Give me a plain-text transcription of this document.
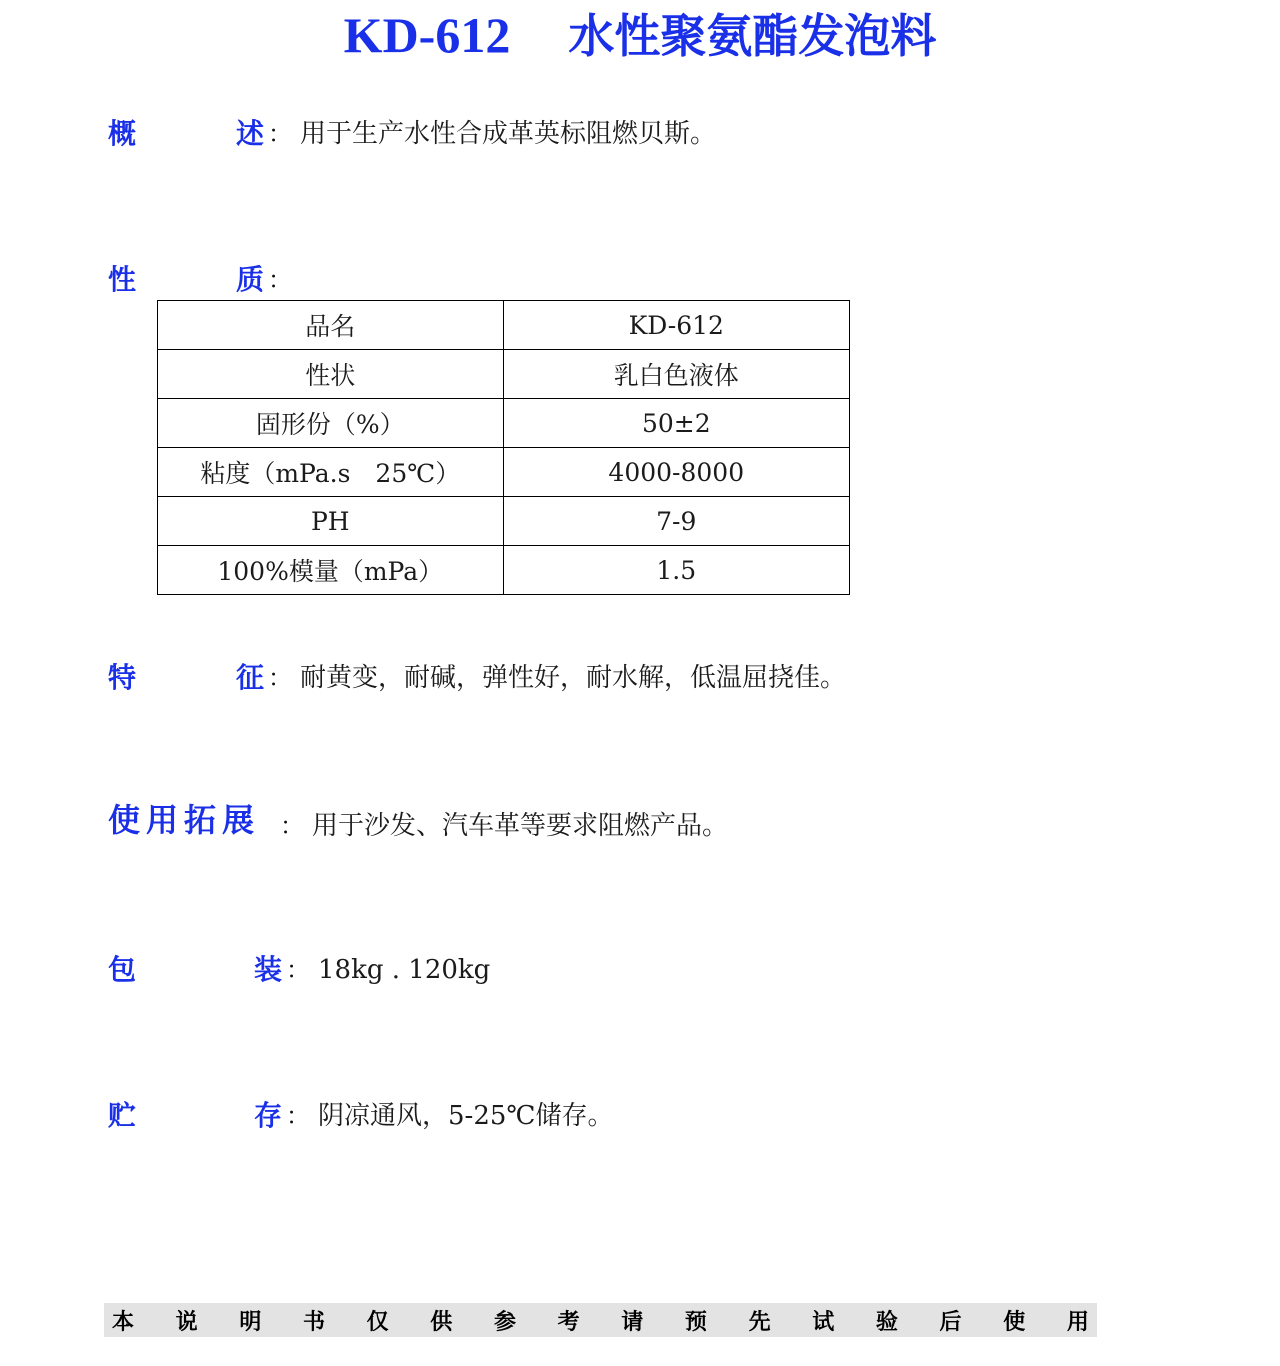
KD-612 水性聚氨酯发泡料
概	述 ： 用于生产水性合成革英标阻燃贝斯。
性	质 ：
品名	KD-612
性状	乳白色液体
固形份（%）	50±2
粘度（mPa.s　25℃）	4000-8000
PH	7-9
100%模量（mPa）	1.5
特	征 ： 耐黄变，耐碱，弹性好，耐水解，低温屈挠佳。
使用拓展 ： 用于沙发、汽车革等要求阻燃产品。
包	装 ： 18kg . 120kg
贮	存 ： 阴凉通风，5-25℃储存。
本 说 明 书 仅 供 参 考 请 预 先 试 验 后 使 用
